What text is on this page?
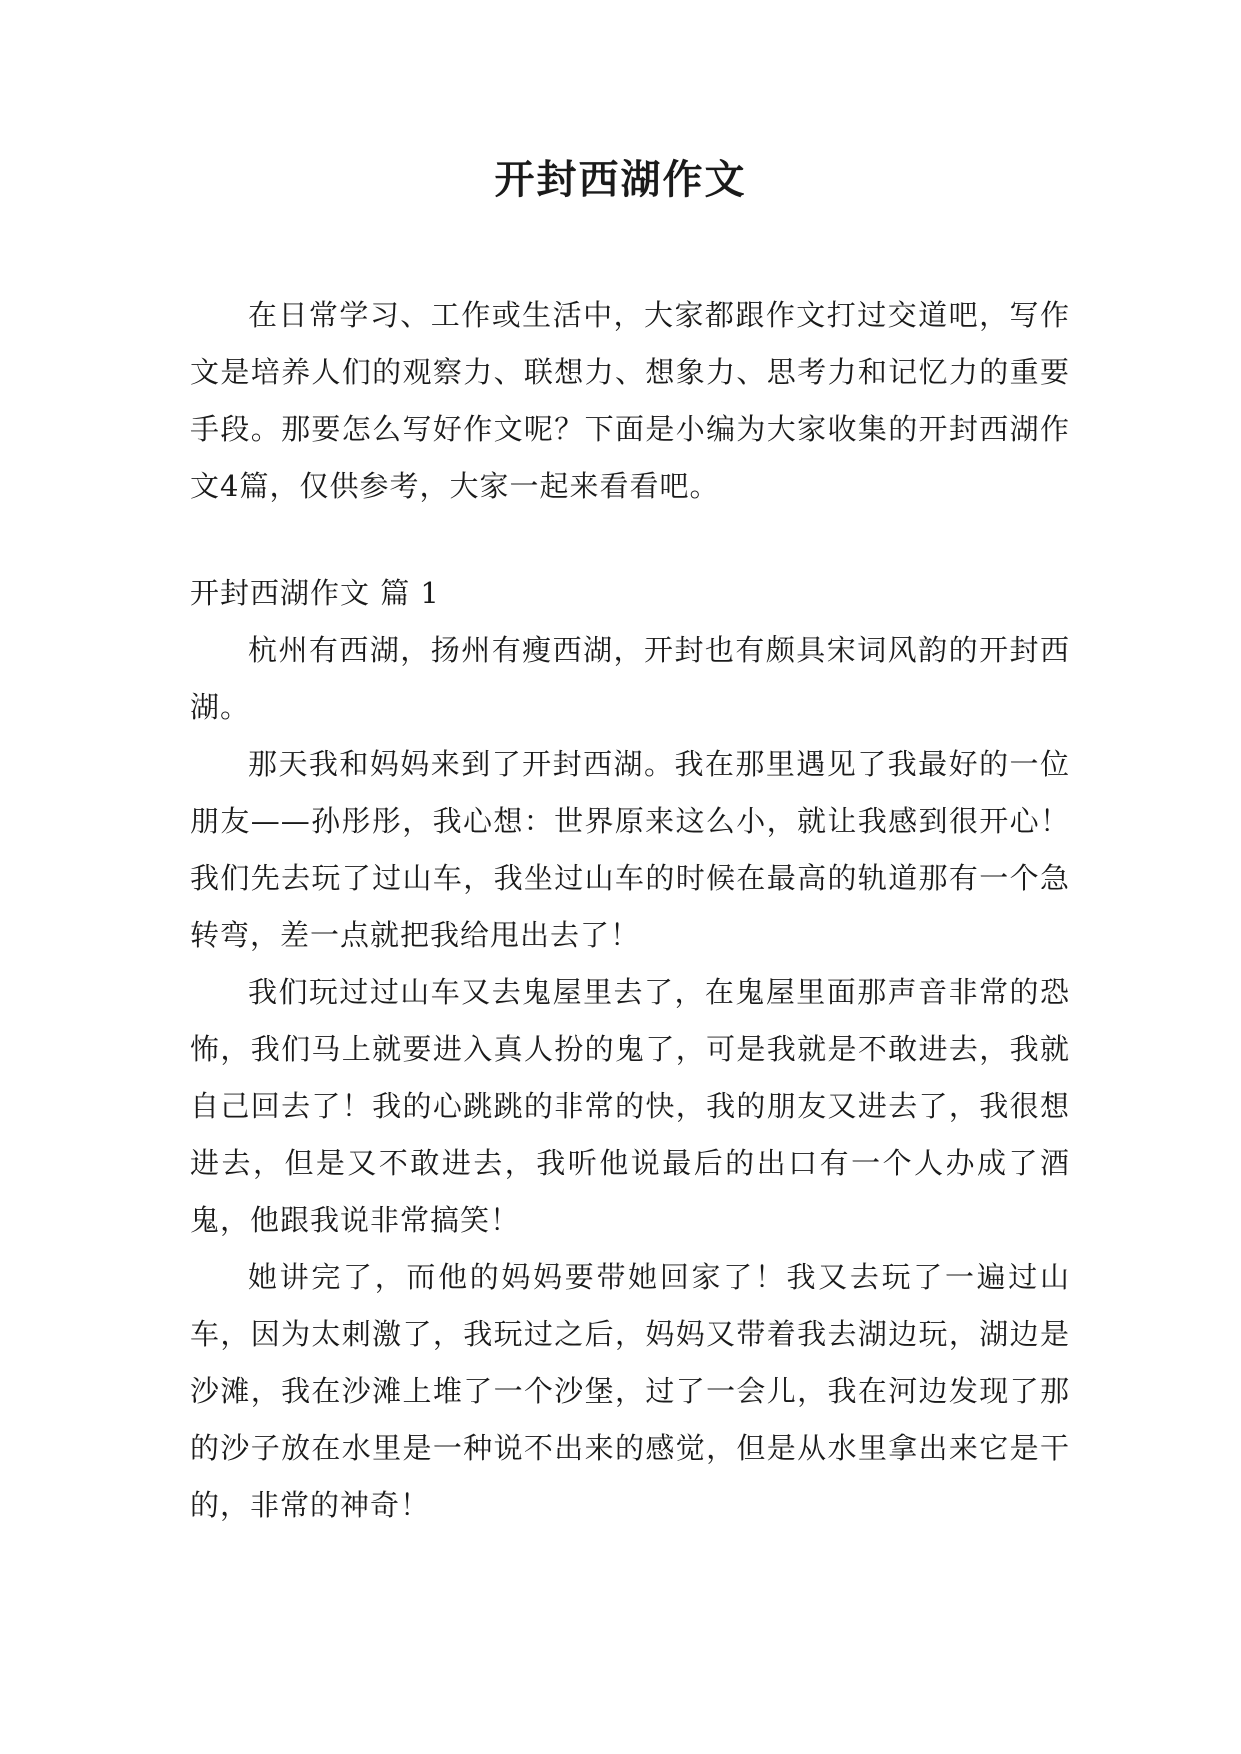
开封西湖作文

在日常学习、工作或生活中，大家都跟作文打过交道吧，写作文是培养人们的观察力、联想力、想象力、思考力和记忆力的重要手段。那要怎么写好作文呢？下面是小编为大家收集的开封西湖作文4篇，仅供参考，大家一起来看看吧。

开封西湖作文 篇 1

杭州有西湖，扬州有瘦西湖，开封也有颇具宋词风韵的开封西湖。

那天我和妈妈来到了开封西湖。我在那里遇见了我最好的一位朋友——孙彤彤，我心想：世界原来这么小，就让我感到很开心！我们先去玩了过山车，我坐过山车的时候在最高的轨道那有一个急转弯，差一点就把我给甩出去了！

我们玩过过山车又去鬼屋里去了，在鬼屋里面那声音非常的恐怖，我们马上就要进入真人扮的鬼了，可是我就是不敢进去，我就自己回去了！我的心跳跳的非常的快，我的朋友又进去了，我很想进去，但是又不敢进去，我听他说最后的出口有一个人办成了酒鬼，他跟我说非常搞笑！

她讲完了，而他的妈妈要带她回家了！我又去玩了一遍过山车，因为太刺激了，我玩过之后，妈妈又带着我去湖边玩，湖边是沙滩，我在沙滩上堆了一个沙堡，过了一会儿，我在河边发现了那的沙子放在水里是一种说不出来的感觉，但是从水里拿出来它是干的，非常的神奇！
